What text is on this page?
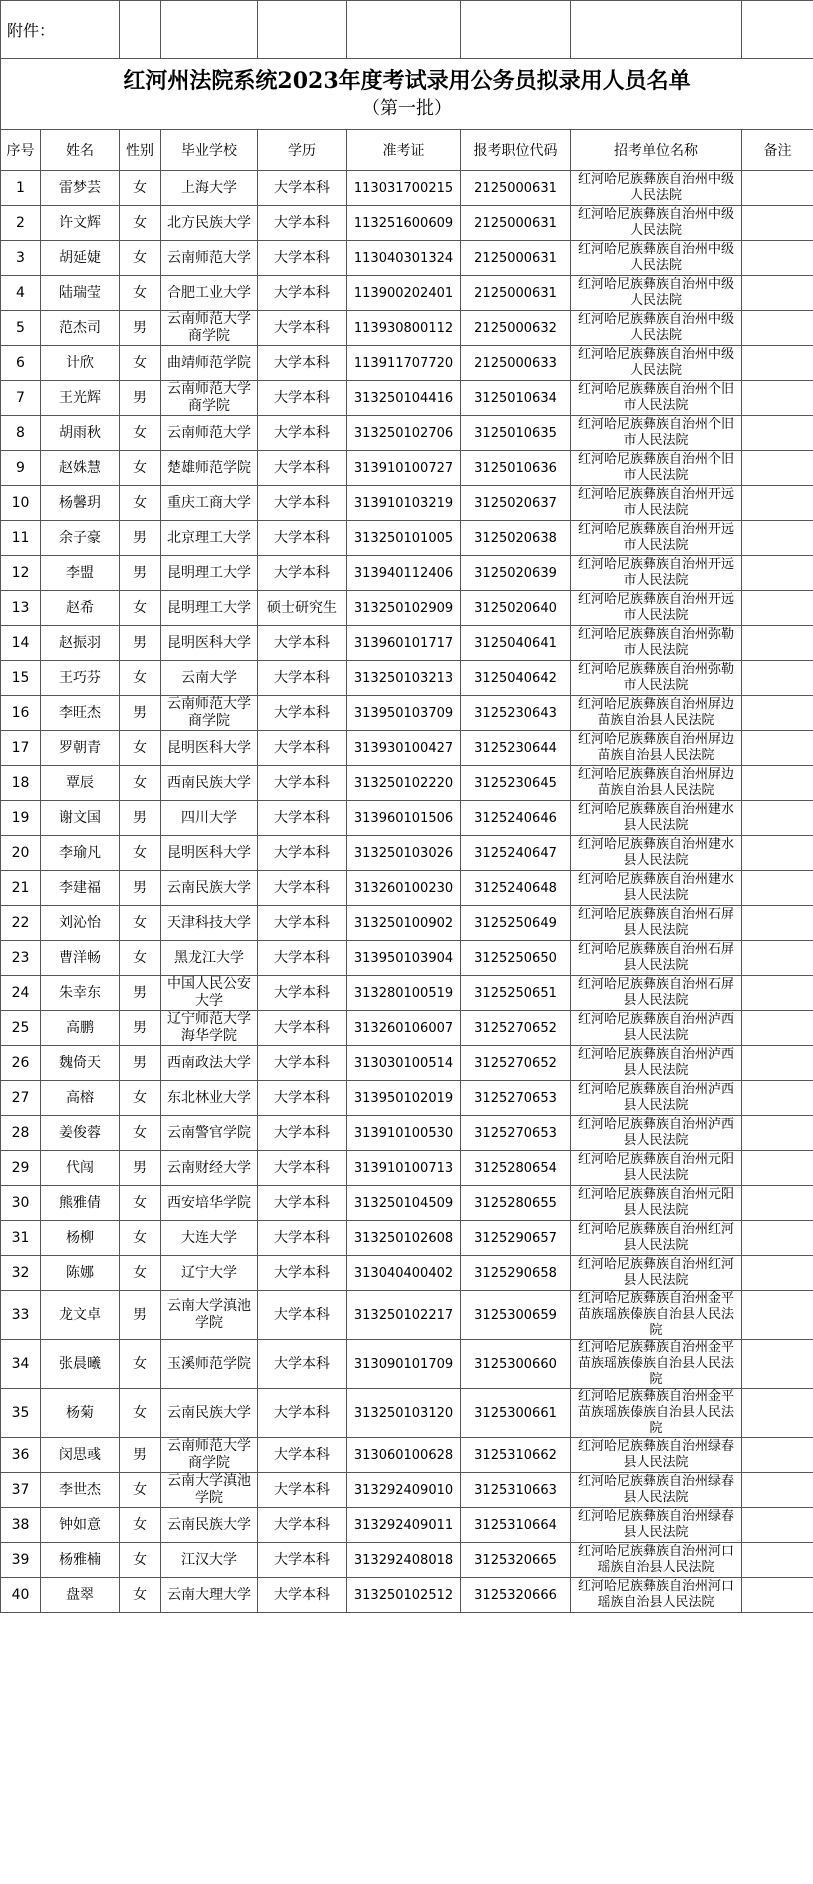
附件：								

红河州法院系统2023年度考试录用公务员拟录用人员名单
（第一批）								

序号	姓名	性别	毕业学校	学历	准考证	报考职位代码	招考单位名称	备注
1	雷梦芸	女	上海大学	大学本科	113031700215	2125000631	红河哈尼族彝族自治州中级人民法院	
2	许文辉	女	北方民族大学	大学本科	113251600609	2125000631	红河哈尼族彝族自治州中级人民法院	
3	胡延婕	女	云南师范大学	大学本科	113040301324	2125000631	红河哈尼族彝族自治州中级人民法院	
4	陆瑞莹	女	合肥工业大学	大学本科	113900202401	2125000631	红河哈尼族彝族自治州中级人民法院	
5	范杰司	男	云南师范大学商学院	大学本科	113930800112	2125000632	红河哈尼族彝族自治州中级人民法院	
6	计欣	女	曲靖师范学院	大学本科	113911707720	2125000633	红河哈尼族彝族自治州中级人民法院	
7	王光辉	男	云南师范大学商学院	大学本科	313250104416	3125010634	红河哈尼族彝族自治州个旧市人民法院	
8	胡雨秋	女	云南师范大学	大学本科	313250102706	3125010635	红河哈尼族彝族自治州个旧市人民法院	
9	赵姝慧	女	楚雄师范学院	大学本科	313910100727	3125010636	红河哈尼族彝族自治州个旧市人民法院	
10	杨馨玥	女	重庆工商大学	大学本科	313910103219	3125020637	红河哈尼族彝族自治州开远市人民法院	
11	余子豪	男	北京理工大学	大学本科	313250101005	3125020638	红河哈尼族彝族自治州开远市人民法院	
12	李盟	男	昆明理工大学	大学本科	313940112406	3125020639	红河哈尼族彝族自治州开远市人民法院	
13	赵希	女	昆明理工大学	硕士研究生	313250102909	3125020640	红河哈尼族彝族自治州开远市人民法院	
14	赵振羽	男	昆明医科大学	大学本科	313960101717	3125040641	红河哈尼族彝族自治州弥勒市人民法院	
15	王巧芬	女	云南大学	大学本科	313250103213	3125040642	红河哈尼族彝族自治州弥勒市人民法院	
16	李旺杰	男	云南师范大学商学院	大学本科	313950103709	3125230643	红河哈尼族彝族自治州屏边苗族自治县人民法院	
17	罗朝青	女	昆明医科大学	大学本科	313930100427	3125230644	红河哈尼族彝族自治州屏边苗族自治县人民法院	
18	覃辰	女	西南民族大学	大学本科	313250102220	3125230645	红河哈尼族彝族自治州屏边苗族自治县人民法院	
19	谢文国	男	四川大学	大学本科	313960101506	3125240646	红河哈尼族彝族自治州建水县人民法院	
20	李瑜凡	女	昆明医科大学	大学本科	313250103026	3125240647	红河哈尼族彝族自治州建水县人民法院	
21	李建福	男	云南民族大学	大学本科	313260100230	3125240648	红河哈尼族彝族自治州建水县人民法院	
22	刘沁怡	女	天津科技大学	大学本科	313250100902	3125250649	红河哈尼族彝族自治州石屏县人民法院	
23	曹洋畅	女	黑龙江大学	大学本科	313950103904	3125250650	红河哈尼族彝族自治州石屏县人民法院	
24	朱幸东	男	中国人民公安大学	大学本科	313280100519	3125250651	红河哈尼族彝族自治州石屏县人民法院	
25	高鹏	男	辽宁师范大学海华学院	大学本科	313260106007	3125270652	红河哈尼族彝族自治州泸西县人民法院	
26	魏倚天	男	西南政法大学	大学本科	313030100514	3125270652	红河哈尼族彝族自治州泸西县人民法院	
27	高榕	女	东北林业大学	大学本科	313950102019	3125270653	红河哈尼族彝族自治州泸西县人民法院	
28	姜俊蓉	女	云南警官学院	大学本科	313910100530	3125270653	红河哈尼族彝族自治州泸西县人民法院	
29	代闯	男	云南财经大学	大学本科	313910100713	3125280654	红河哈尼族彝族自治州元阳县人民法院	
30	熊雅倩	女	西安培华学院	大学本科	313250104509	3125280655	红河哈尼族彝族自治州元阳县人民法院	
31	杨柳	女	大连大学	大学本科	313250102608	3125290657	红河哈尼族彝族自治州红河县人民法院	
32	陈娜	女	辽宁大学	大学本科	313040400402	3125290658	红河哈尼族彝族自治州红河县人民法院	
33	龙文卓	男	云南大学滇池学院	大学本科	313250102217	3125300659	红河哈尼族彝族自治州金平苗族瑶族傣族自治县人民法院	
34	张晨曦	女	玉溪师范学院	大学本科	313090101709	3125300660	红河哈尼族彝族自治州金平苗族瑶族傣族自治县人民法院	
35	杨菊	女	云南民族大学	大学本科	313250103120	3125300661	红河哈尼族彝族自治州金平苗族瑶族傣族自治县人民法院	
36	闵思彧	男	云南师范大学商学院	大学本科	313060100628	3125310662	红河哈尼族彝族自治州绿春县人民法院	
37	李世杰	女	云南大学滇池学院	大学本科	313292409010	3125310663	红河哈尼族彝族自治州绿春县人民法院	
38	钟如意	女	云南民族大学	大学本科	313292409011	3125310664	红河哈尼族彝族自治州绿春县人民法院	
39	杨雅楠	女	江汉大学	大学本科	313292408018	3125320665	红河哈尼族彝族自治州河口瑶族自治县人民法院	
40	盘翠	女	云南大理大学	大学本科	313250102512	3125320666	红河哈尼族彝族自治州河口瑶族自治县人民法院	
